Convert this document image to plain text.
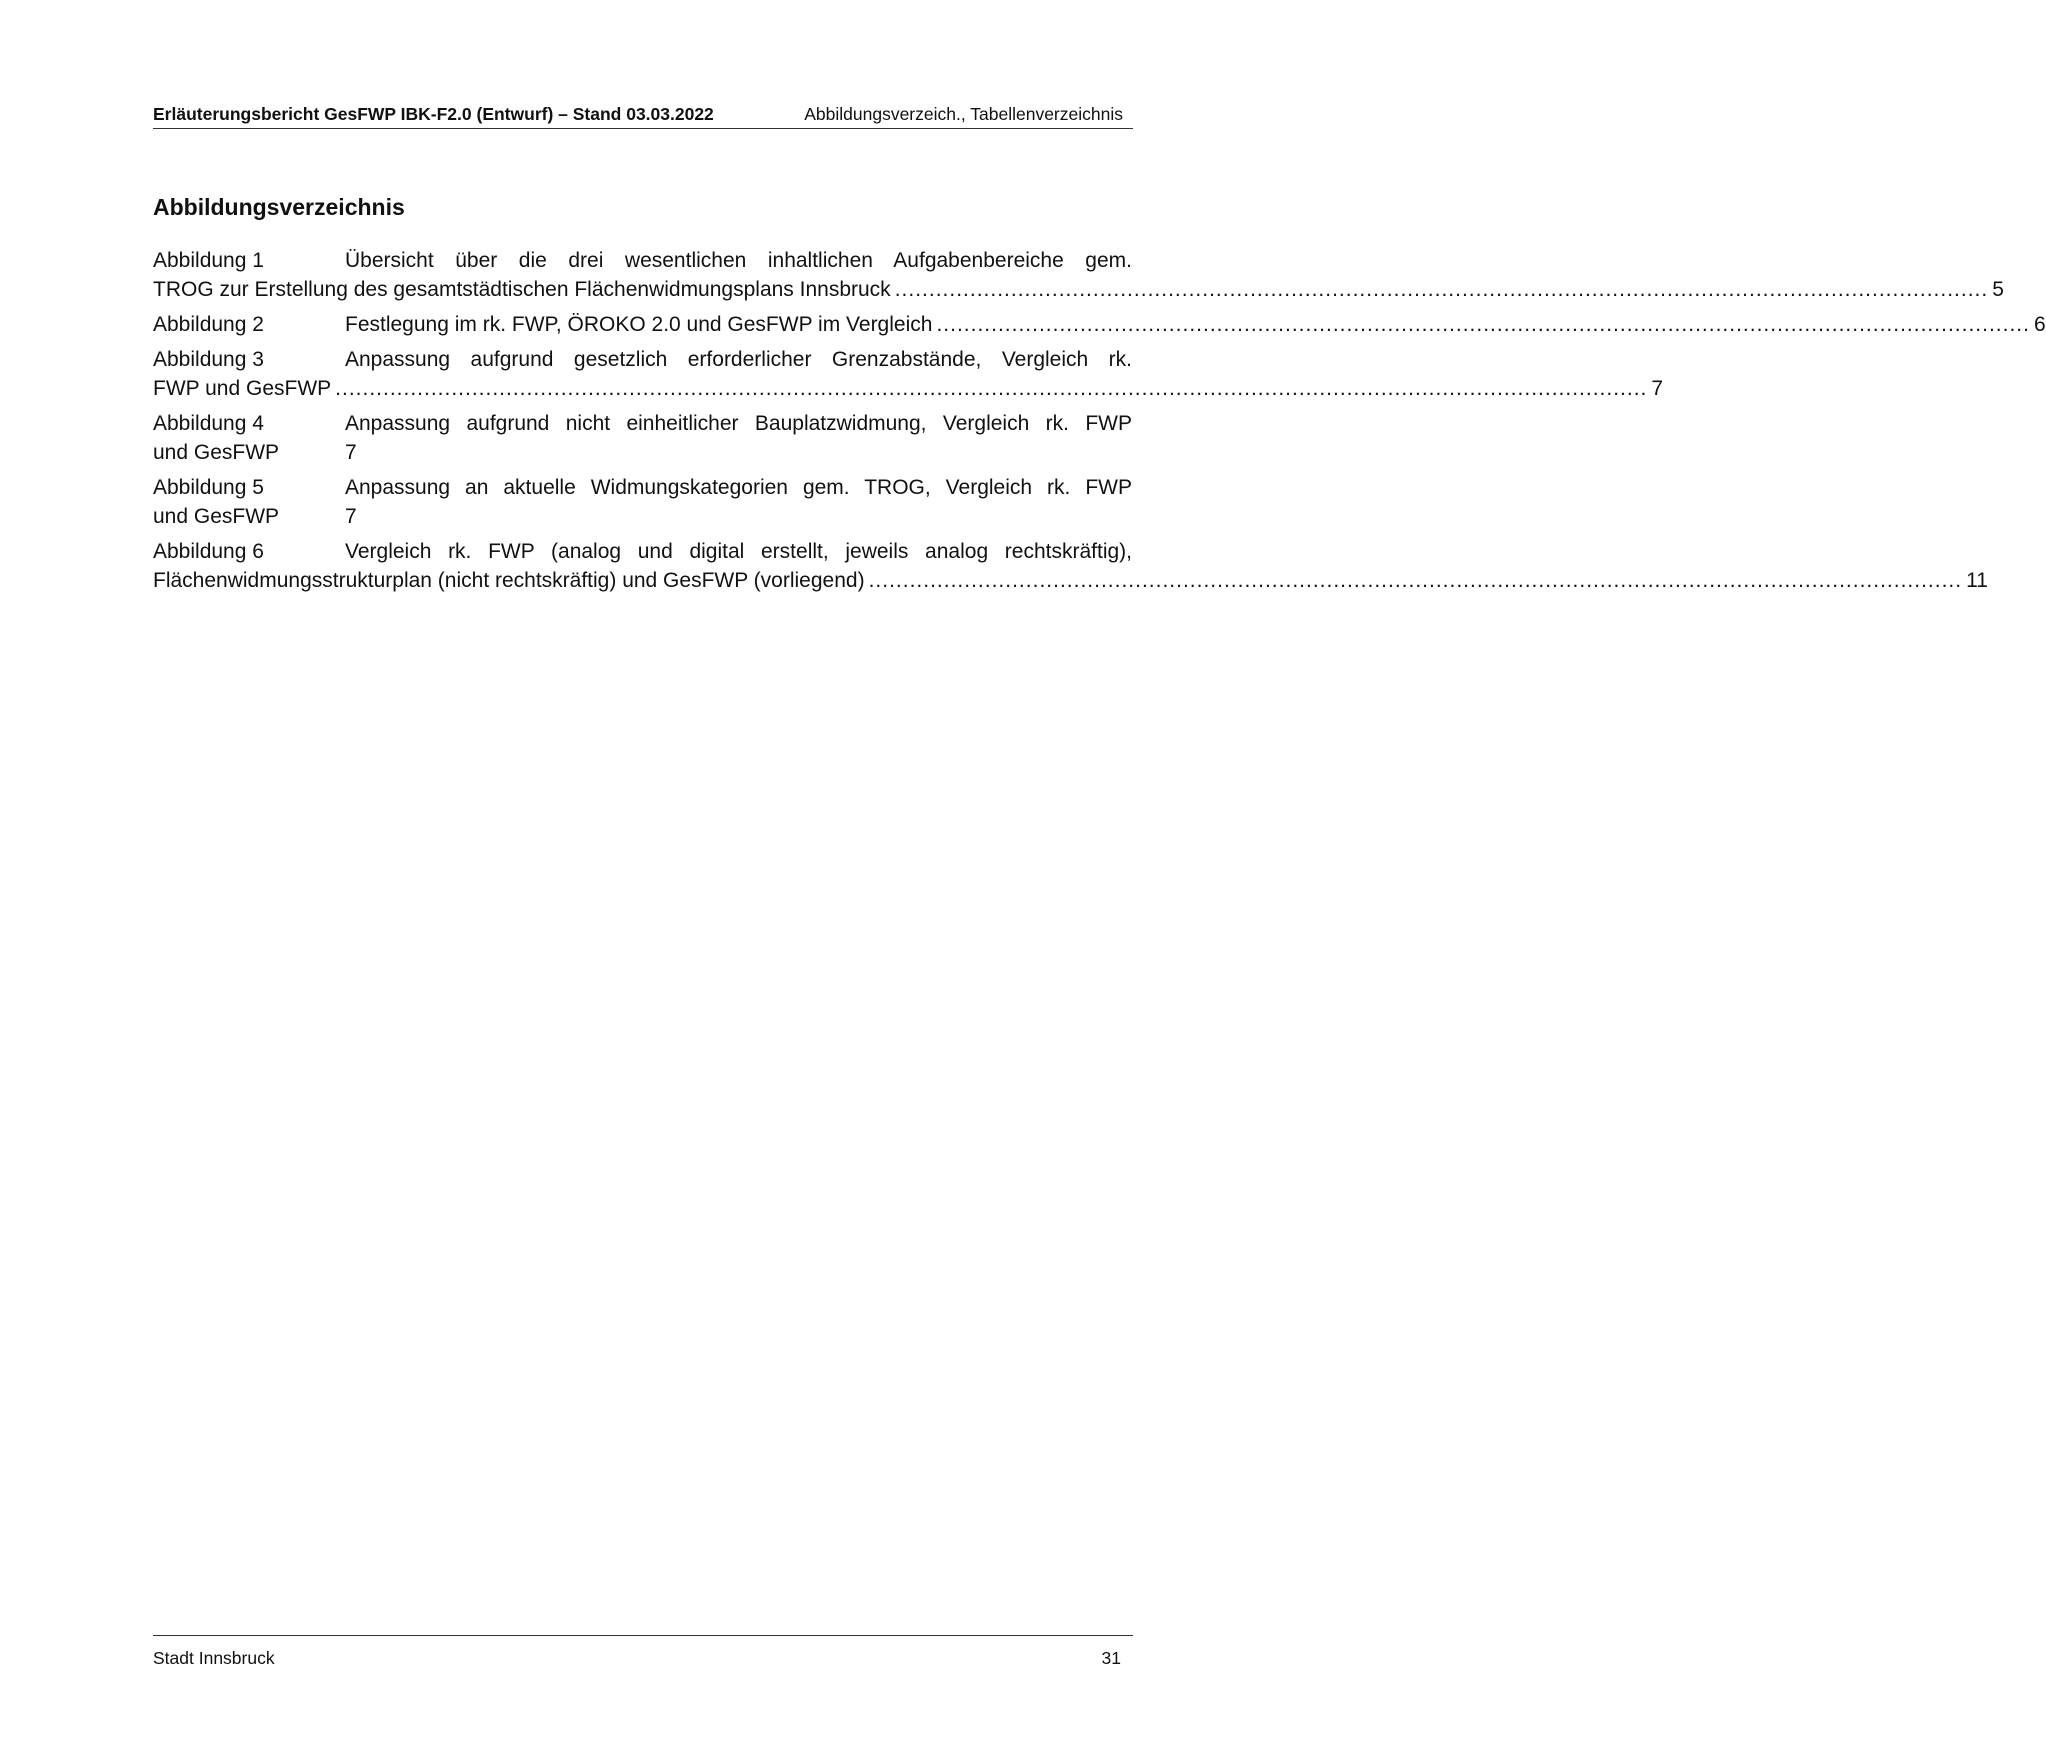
Erläuterungsbericht GesFWP IBK-F2.0 (Entwurf) – Stand 03.03.2022	Abbildungsverzeich., Tabellenverzeichnis
Abbildungsverzeichnis
Abbildung 1	Übersicht über die drei wesentlichen inhaltlichen Aufgabenbereiche gem.
TROG zur Erstellung des gesamtstädtischen Flächenwidmungsplans Innsbruck ................................................................................................................................................................ 5
Abbildung 2	Festlegung im rk. FWP, ÖROKO 2.0 und GesFWP im Vergleich ................................................................................................................................................................ 6
Abbildung 3	Anpassung aufgrund gesetzlich erforderlicher Grenzabstände, Vergleich rk.
FWP und GesFWP ................................................................................................................................................................................................ 7
Abbildung 4	Anpassung aufgrund nicht einheitlicher Bauplatzwidmung, Vergleich rk. FWP
und GesFWP	7
Abbildung 5	Anpassung an aktuelle Widmungskategorien gem. TROG, Vergleich rk. FWP
und GesFWP	7
Abbildung 6	Vergleich rk. FWP (analog und digital erstellt, jeweils analog rechtskräftig),
Flächenwidmungsstrukturplan (nicht rechtskräftig) und GesFWP (vorliegend) ................................................................................................................................................................ 11
Stadt Innsbruck	31
